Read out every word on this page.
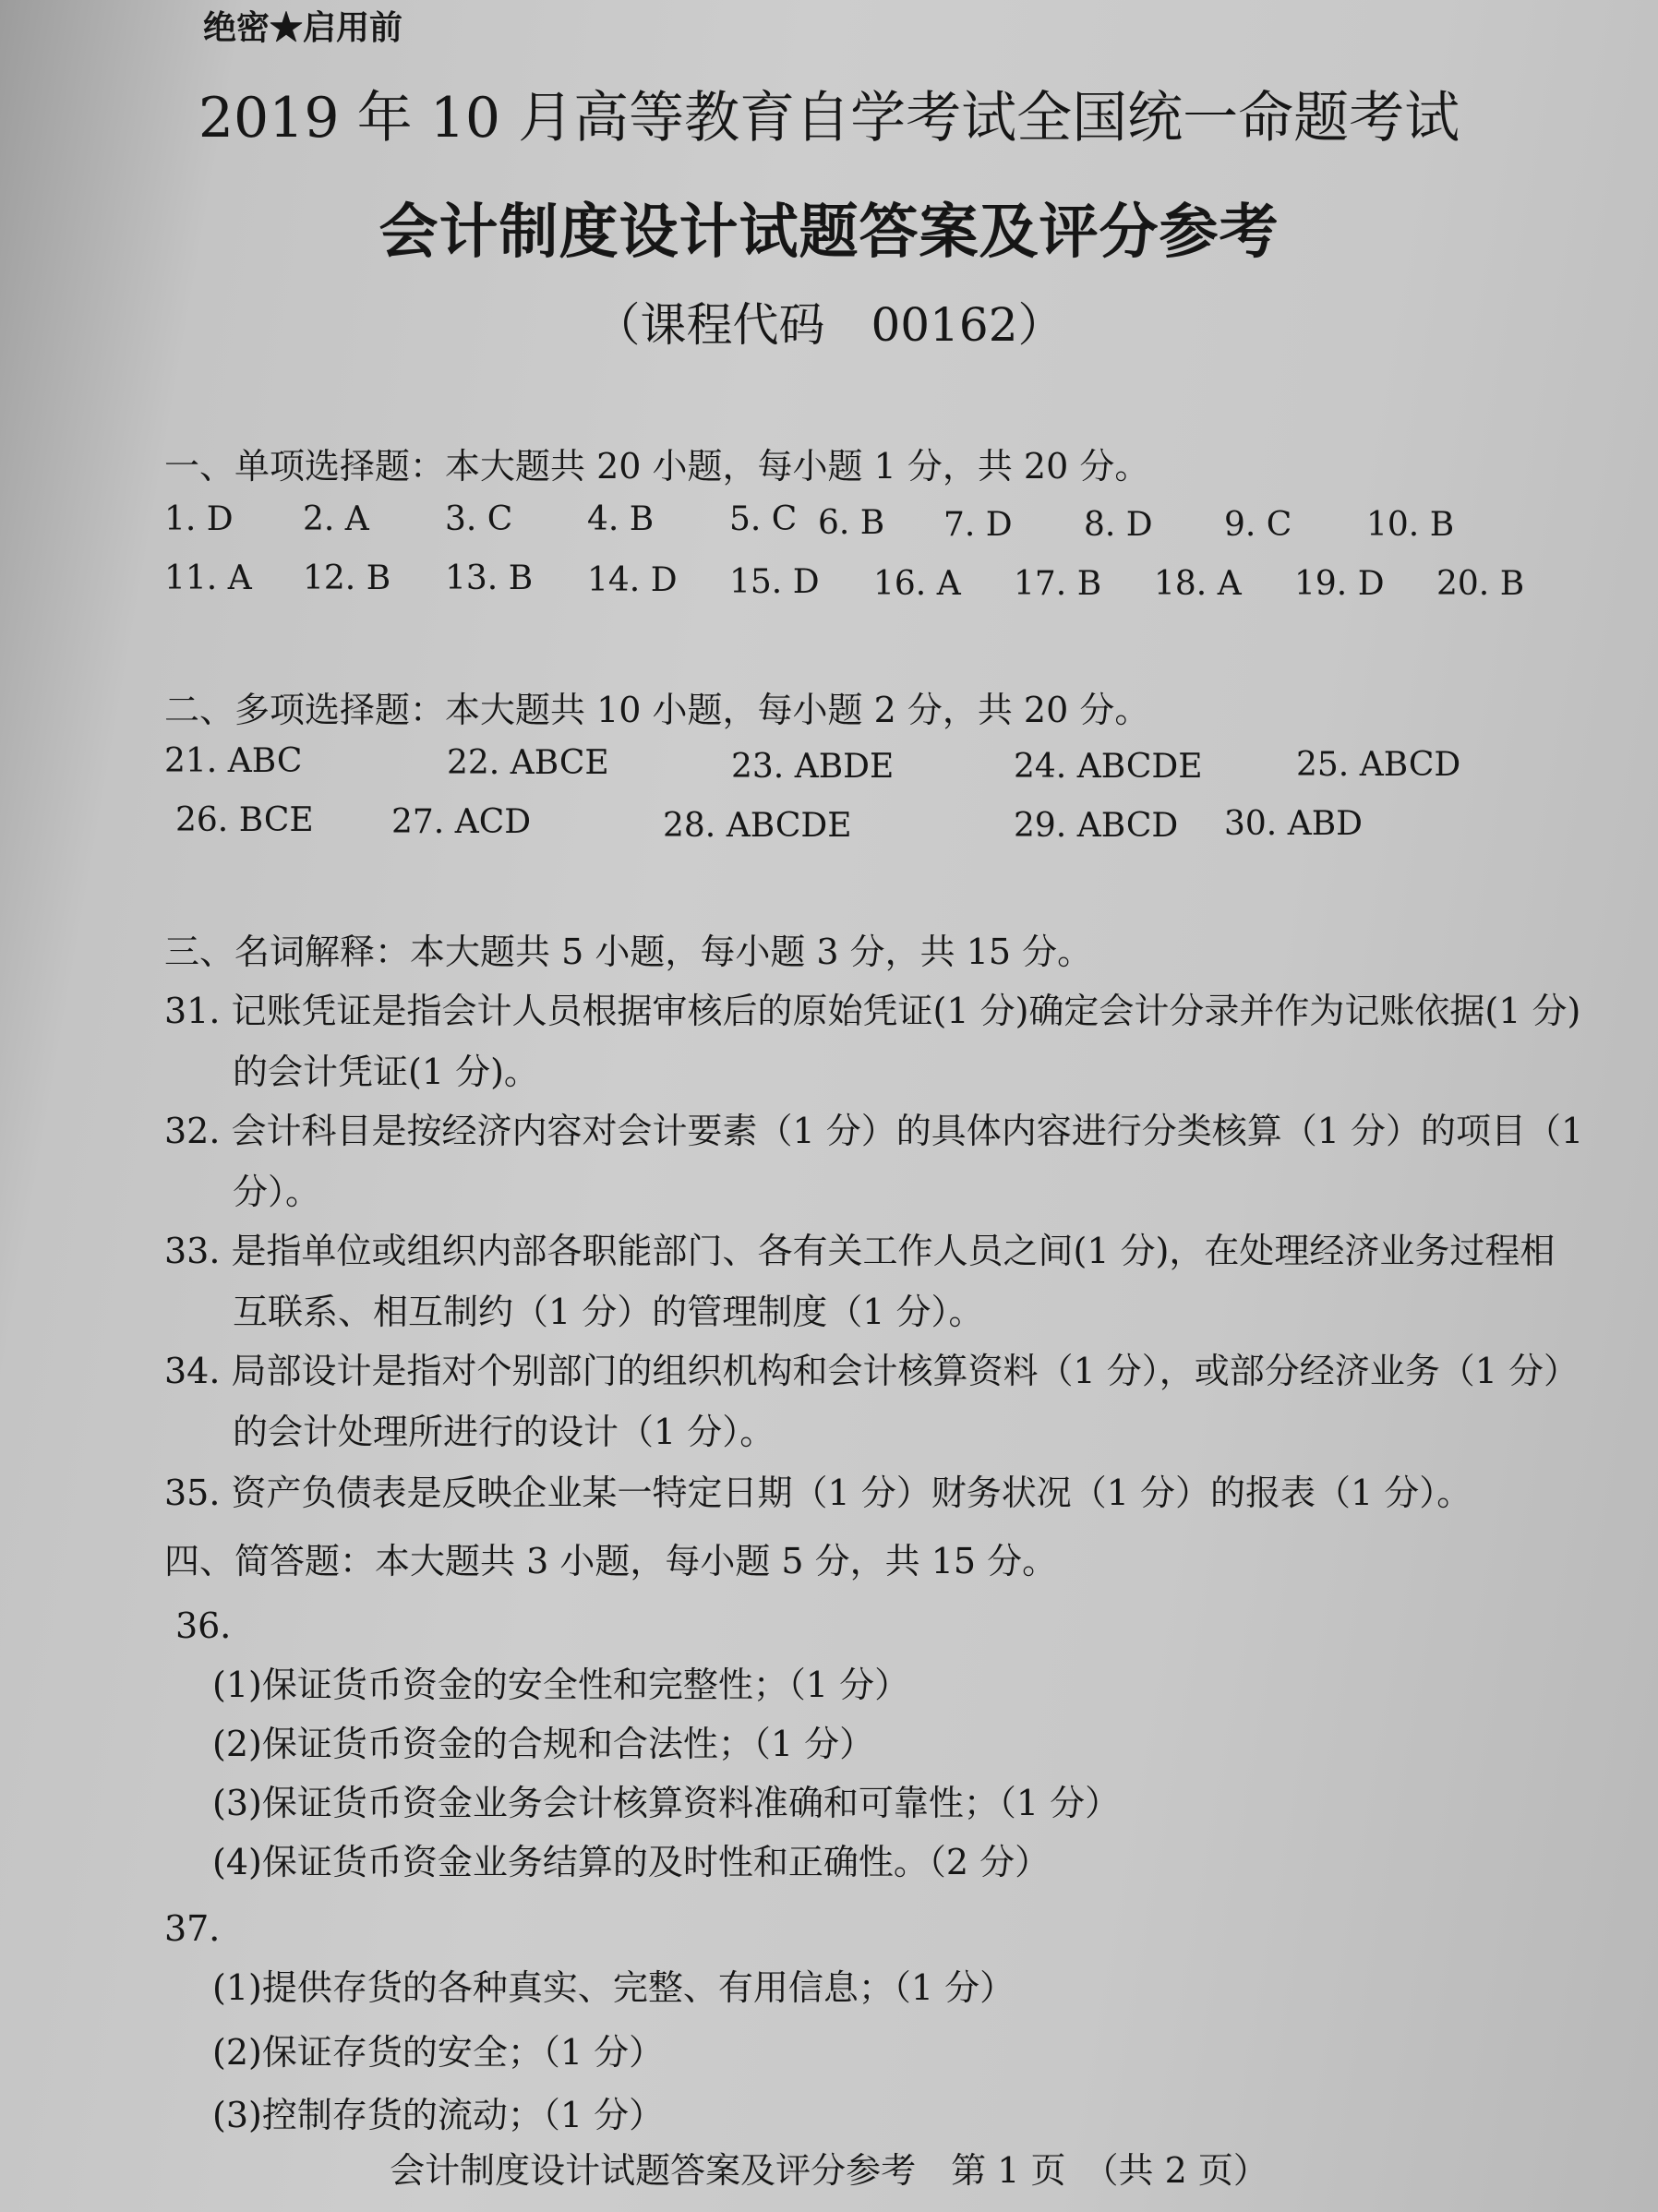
绝密★启用前
2019 年 10 月高等教育自学考试全国统一命题考试
会计制度设计试题答案及评分参考
（课程代码　00162）
一、单项选择题：本大题共 20 小题，每小题 1 分，共 20 分。
1. D 2. A 3. C 4. B 5. C 6. B 7. D 8. D 9. C 10. B
11. A 12. B 13. B 14. D 15. D 16. A 17. B 18. A 19. D 20. B
二、多项选择题：本大题共 10 小题，每小题 2 分，共 20 分。
21. ABC	22. ABCE	23. ABDE	24. ABCDE	25. ABCD
26. BCE 27. ACD	28. ABCDE	29. ABCD 30. ABD
三、名词解释：本大题共 5 小题，每小题 3 分，共 15 分。
31. 记账凭证是指会计人员根据审核后的原始凭证(1 分)确定会计分录并作为记账依据(1 分)
的会计凭证(1 分)。
32. 会计科目是按经济内容对会计要素（1 分）的具体内容进行分类核算（1 分）的项目（1
分）。
33. 是指单位或组织内部各职能部门、各有关工作人员之间(1 分)，在处理经济业务过程相
互联系、相互制约（1 分）的管理制度（1 分）。
34. 局部设计是指对个别部门的组织机构和会计核算资料（1 分），或部分经济业务（1 分）
的会计处理所进行的设计（1 分）。
35. 资产负债表是反映企业某一特定日期（1 分）财务状况（1 分）的报表（1 分）。
四、简答题：本大题共 3 小题，每小题 5 分，共 15 分。
36．
(1)保证货币资金的安全性和完整性；（1 分）
(2)保证货币资金的合规和合法性；（1 分）
(3)保证货币资金业务会计核算资料准确和可靠性；（1 分）
(4)保证货币资金业务结算的及时性和正确性。（2 分）
37．
(1)提供存货的各种真实、完整、有用信息；（1 分）
(2)保证存货的安全；（1 分）
(3)控制存货的流动；（1 分）
会计制度设计试题答案及评分参考　第 1 页　（共 2 页）
